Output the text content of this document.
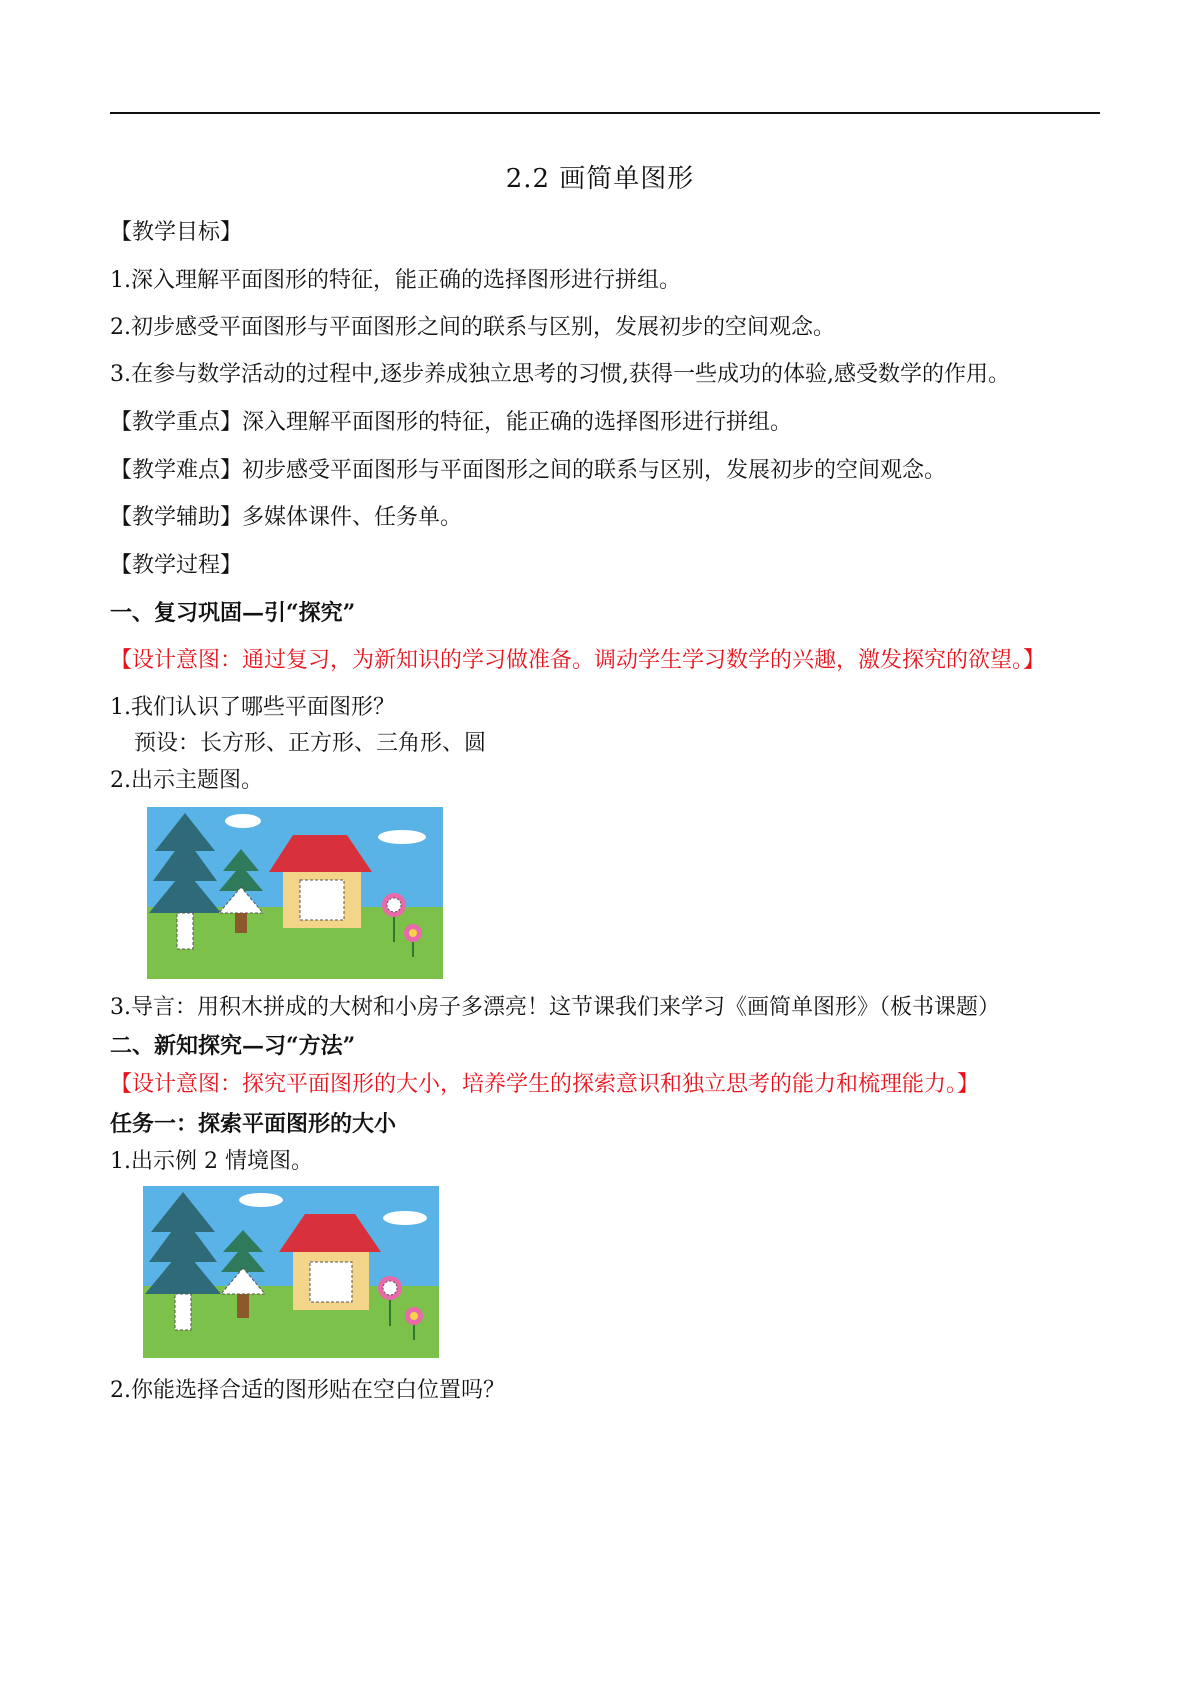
2.2 画简单图形
【教学目标】
1.深入理解平面图形的特征，能正确的选择图形进行拼组。
2.初步感受平面图形与平面图形之间的联系与区别，发展初步的空间观念。
3.在参与数学活动的过程中,逐步养成独立思考的习惯,获得一些成功的体验,感受数学的作用。
【教学重点】深入理解平面图形的特征，能正确的选择图形进行拼组。
【教学难点】初步感受平面图形与平面图形之间的联系与区别，发展初步的空间观念。
【教学辅助】多媒体课件、任务单。
【教学过程】
一、复习巩固—引“探究”
【设计意图：通过复习，为新知识的学习做准备。调动学生学习数学的兴趣，激发探究的欲望。】
1.我们认识了哪些平面图形？
预设：长方形、正方形、三角形、圆
2.出示主题图。
3.导言：用积木拼成的大树和小房子多漂亮！这节课我们来学习《画简单图形》（板书课题）
二、新知探究—习“方法”
【设计意图：探究平面图形的大小，培养学生的探索意识和独立思考的能力和梳理能力。】
任务一：探索平面图形的大小
1.出示例 2 情境图。
2.你能选择合适的图形贴在空白位置吗？
